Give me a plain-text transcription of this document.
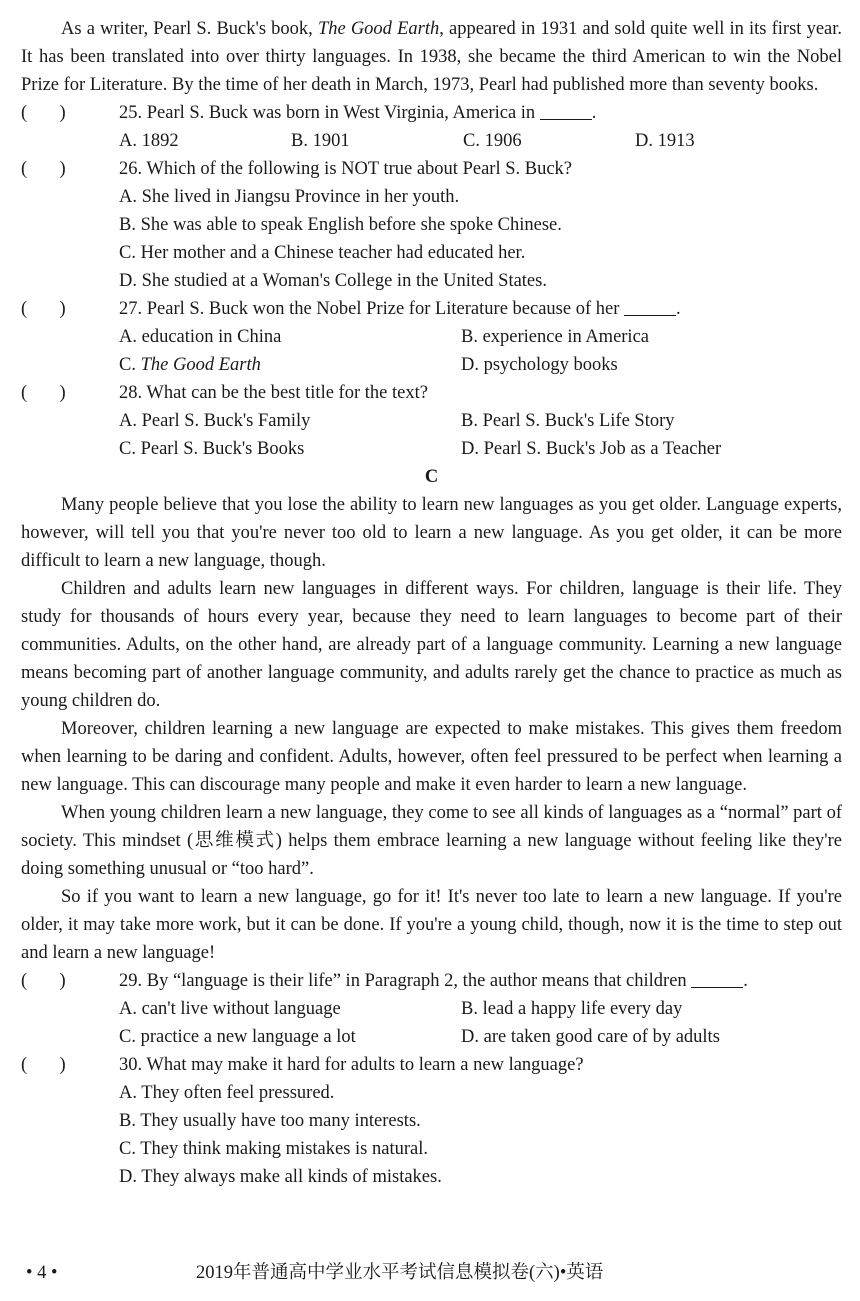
As a writer, Pearl S. Buck's book, The Good Earth, appeared in 1931 and sold quite well in its first year. It has been translated into over thirty languages. In 1938, she became the third American to win the Nobel Prize for Literature. By the time of her death in March, 1973, Pearl had published more than seventy books.

(       )	25. Pearl S. Buck was born in West Virginia, America in	.

A. 1892	B. 1901	C. 1906	D. 1913

(       )	26. Which of the following is NOT true about Pearl S. Buck?

A. She lived in Jiangsu Province in her youth.

B. She was able to speak English before she spoke Chinese.

C. Her mother and a Chinese teacher had educated her.

D. She studied at a Woman's College in the United States.

(       )	27. Pearl S. Buck won the Nobel Prize for Literature because of her	.

A. education in China	B. experience in America

C. The Good Earth	D. psychology books

(       )	28. What can be the best title for the text?

A. Pearl S. Buck's Family	B. Pearl S. Buck's Life Story

C. Pearl S. Buck's Books	D. Pearl S. Buck's Job as a Teacher

C

Many people believe that you lose the ability to learn new languages as you get older. Language experts, however, will tell you that you're never too old to learn a new language. As you get older, it can be more difficult to learn a new language, though.

Children and adults learn new languages in different ways. For children, language is their life. They study for thousands of hours every year, because they need to learn languages to become part of their communities. Adults, on the other hand, are already part of a language community. Learning a new language means becoming part of another language community, and adults rarely get the chance to practice as much as young children do.

Moreover, children learning a new language are expected to make mistakes. This gives them freedom when learning to be daring and confident. Adults, however, often feel pressured to be perfect when learning a new language. This can discourage many people and make it even harder to learn a new language.

When young children learn a new language, they come to see all kinds of languages as a “normal” part of society. This mindset (思维模式) helps them embrace learning a new language without feeling like they're doing something unusual or “too hard”.

So if you want to learn a new language, go for it! It's never too late to learn a new language. If you're older, it may take more work, but it can be done. If you're a young child, though, now it is the time to step out and learn a new language!

(       )	29. By “language is their life” in Paragraph 2, the author means that children	.

A. can't live without language	B. lead a happy life every day

C. practice a new language a lot	D. are taken good care of by adults

(       )	30. What may make it hard for adults to learn a new language?

A. They often feel pressured.

B. They usually have too many interests.

C. They think making mistakes is natural.

D. They always make all kinds of mistakes.

• 4 •	2019年普通高中学业水平考试信息模拟卷(六)•英语
